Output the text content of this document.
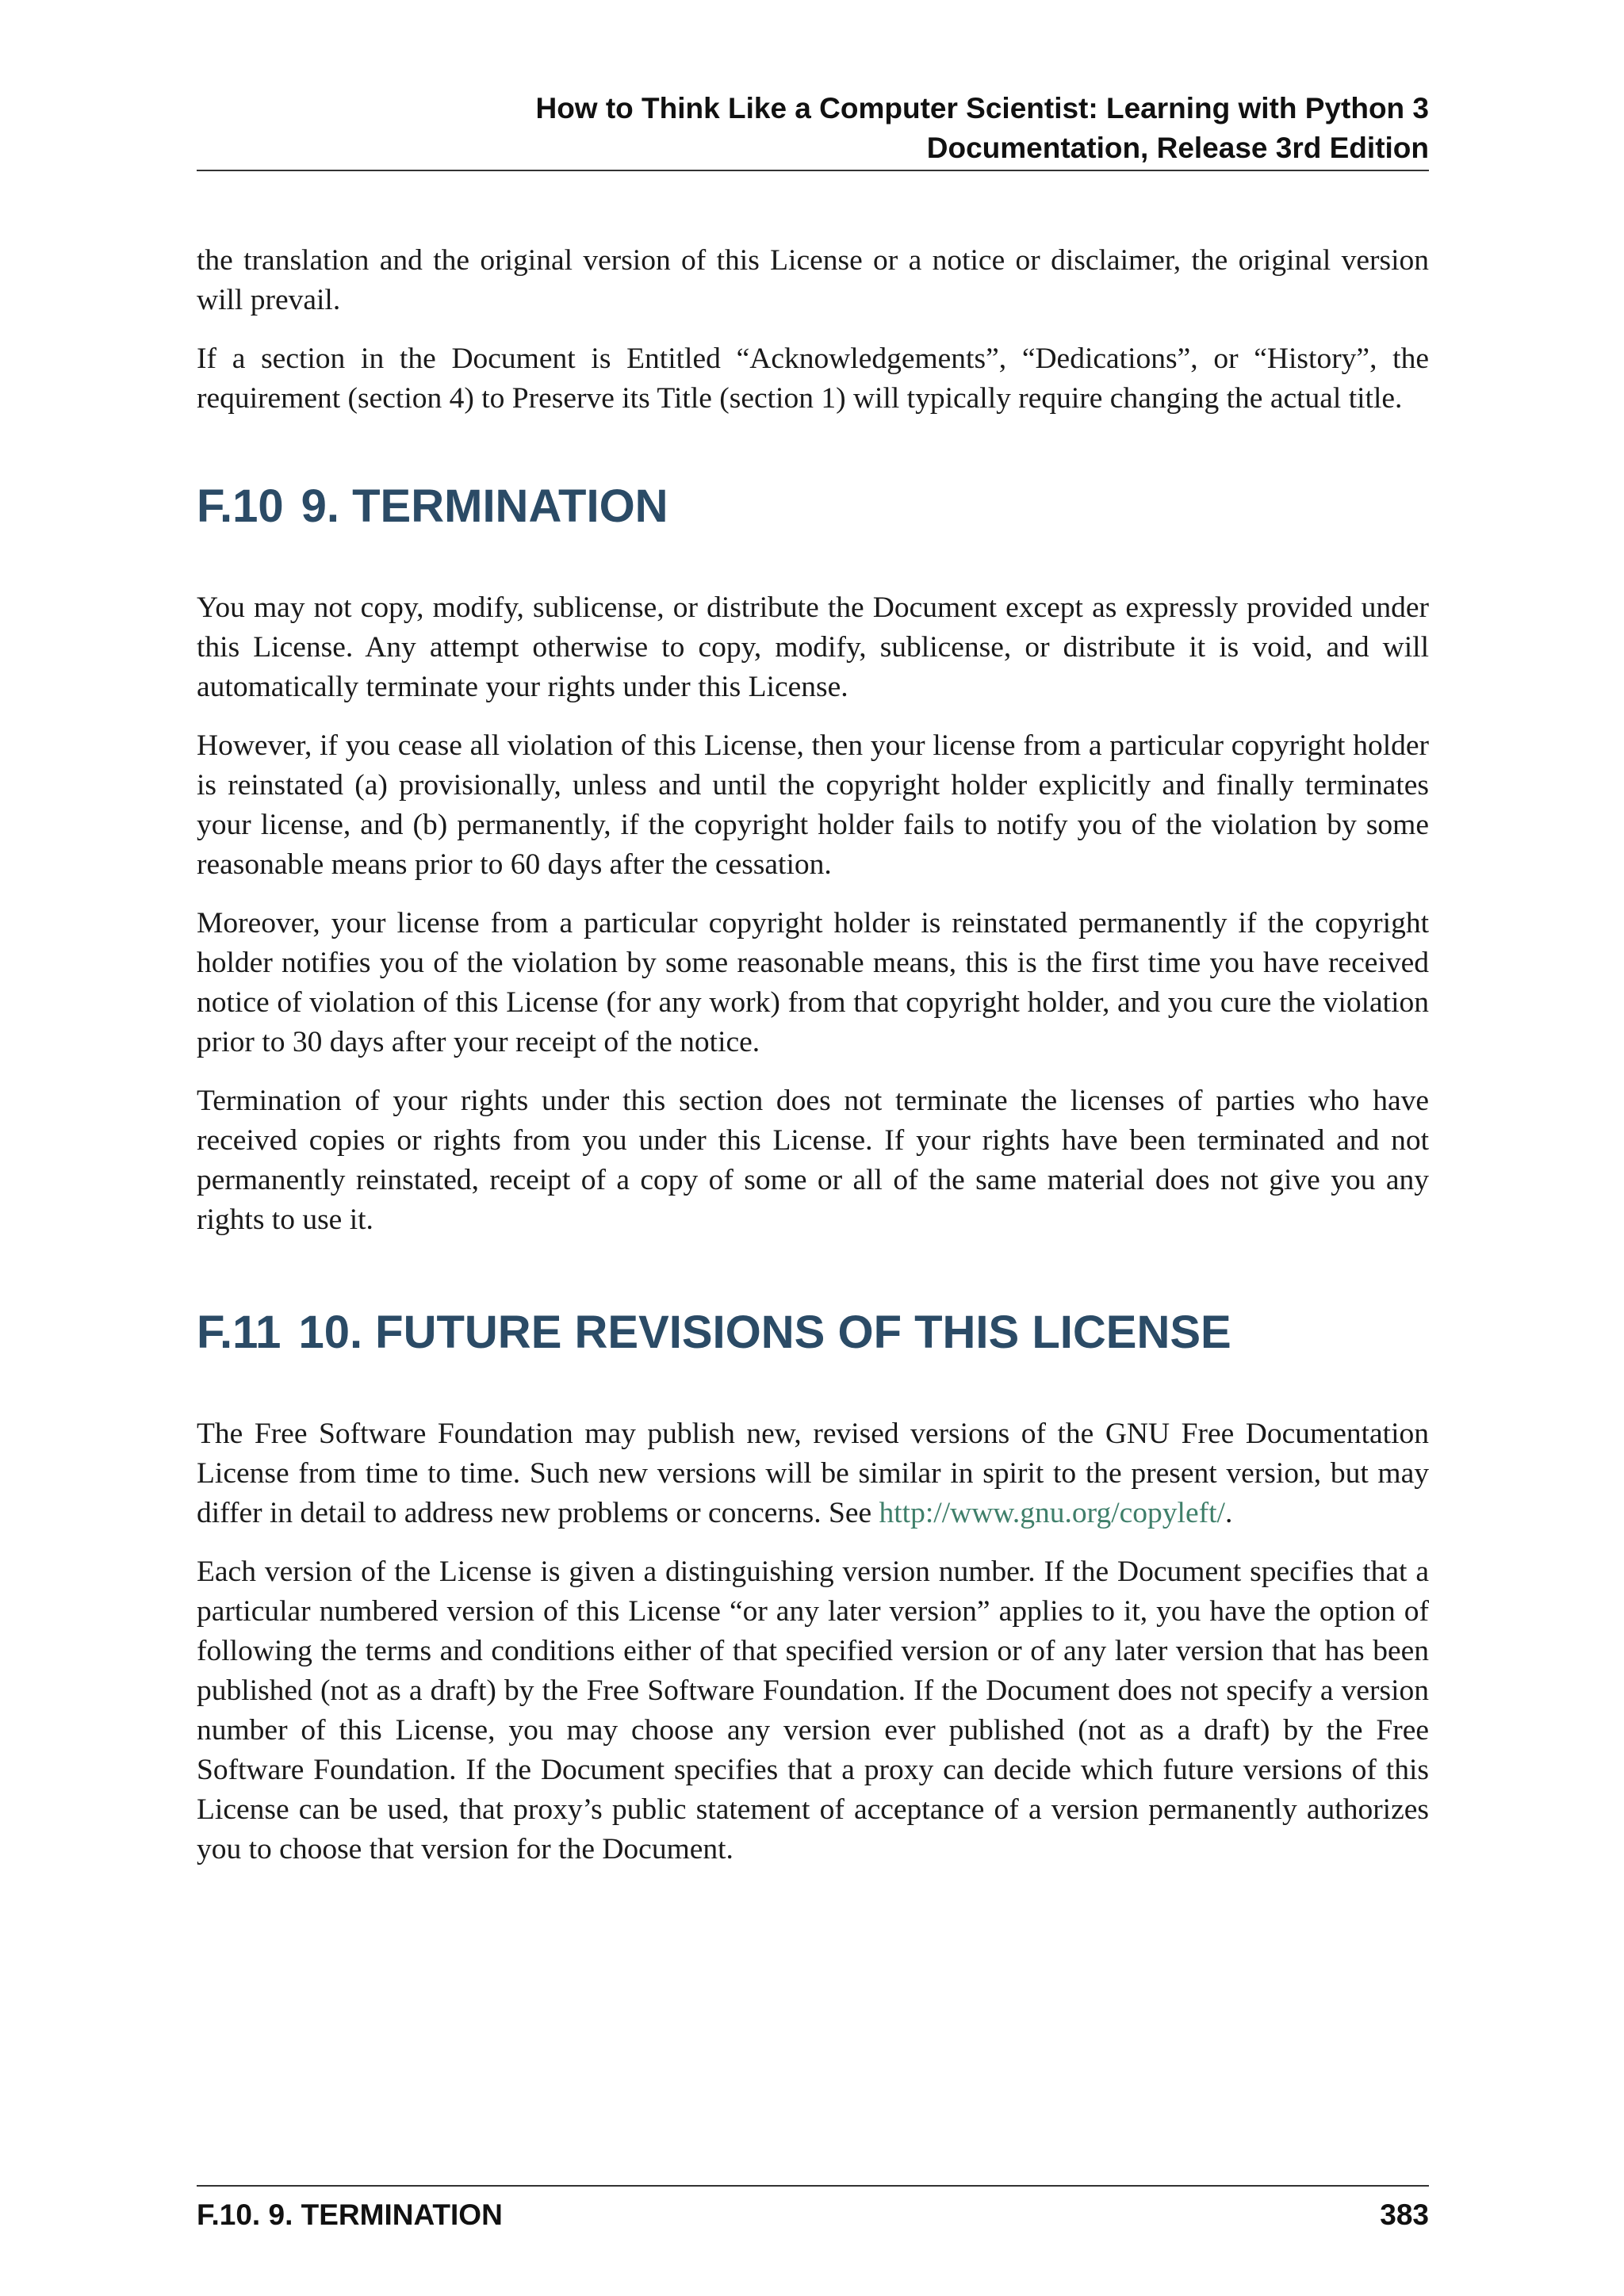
How to Think Like a Computer Scientist: Learning with Python 3
Documentation, Release 3rd Edition

the translation and the original version of this License or a notice or disclaimer, the original version will prevail.

If a section in the Document is Entitled “Acknowledgements”, “Dedications”, or “History”, the requirement (section 4) to Preserve its Title (section 1) will typically require changing the actual title.

F.10 9. TERMINATION

You may not copy, modify, sublicense, or distribute the Document except as expressly provided under this License. Any attempt otherwise to copy, modify, sublicense, or distribute it is void, and will automatically terminate your rights under this License.

However, if you cease all violation of this License, then your license from a particular copyright holder is reinstated (a) provisionally, unless and until the copyright holder explicitly and finally terminates your license, and (b) permanently, if the copyright holder fails to notify you of the violation by some reasonable means prior to 60 days after the cessation.

Moreover, your license from a particular copyright holder is reinstated permanently if the copyright holder notifies you of the violation by some reasonable means, this is the first time you have received notice of violation of this License (for any work) from that copyright holder, and you cure the violation prior to 30 days after your receipt of the notice.

Termination of your rights under this section does not terminate the licenses of parties who have received copies or rights from you under this License. If your rights have been terminated and not permanently reinstated, receipt of a copy of some or all of the same material does not give you any rights to use it.

F.11 10. FUTURE REVISIONS OF THIS LICENSE

The Free Software Foundation may publish new, revised versions of the GNU Free Documentation License from time to time. Such new versions will be similar in spirit to the present version, but may differ in detail to address new problems or concerns. See http://www.gnu.org/copyleft/.

Each version of the License is given a distinguishing version number. If the Document specifies that a particular numbered version of this License “or any later version” applies to it, you have the option of following the terms and conditions either of that specified version or of any later version that has been published (not as a draft) by the Free Software Foundation. If the Document does not specify a version number of this License, you may choose any version ever published (not as a draft) by the Free Software Foundation. If the Document specifies that a proxy can decide which future versions of this License can be used, that proxy’s public statement of acceptance of a version permanently authorizes you to choose that version for the Document.

F.10. 9. TERMINATION	383
